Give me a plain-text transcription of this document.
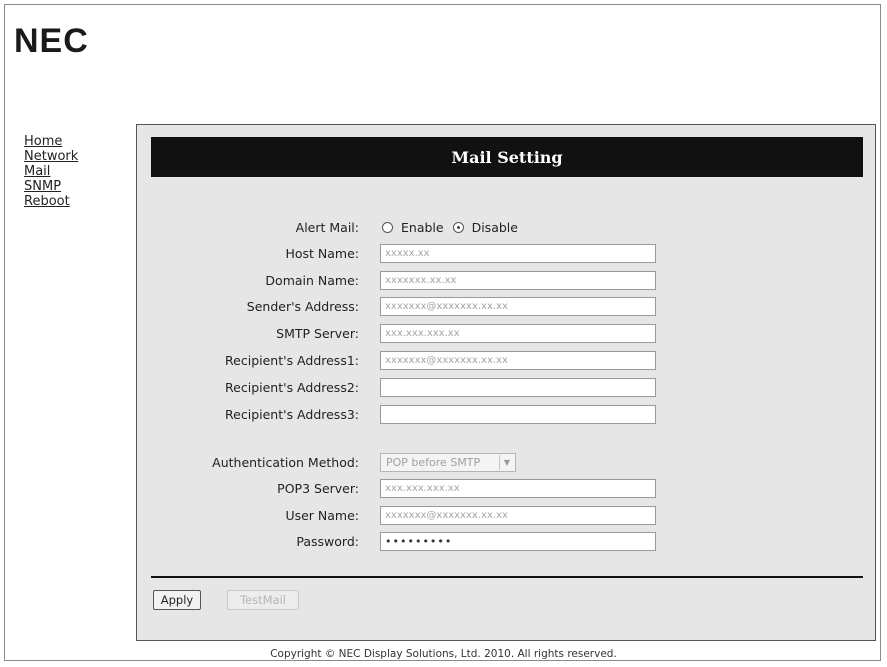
NEC
Home
Network
Mail
SNMP
Reboot
Mail Setting
Alert Mail:	Enable Disable
Host Name:
xxxxx.xx
Domain Name:
xxxxxxx.xx.xx
Sender's Address:
xxxxxxx@xxxxxxx.xx.xx
SMTP Server:
xxx.xxx.xxx.xx
Recipient's Address1:
xxxxxxx@xxxxxxx.xx.xx
Recipient's Address2:
Recipient's Address3:
Authentication Method: POP before SMTP	▼
POP3 Server:
xxx.xxx.xxx.xx
User Name:
xxxxxxx@xxxxxxx.xx.xx
Password:
•••••••••
Apply	TestMail
Copyright © NEC Display Solutions, Ltd. 2010. All rights reserved.
